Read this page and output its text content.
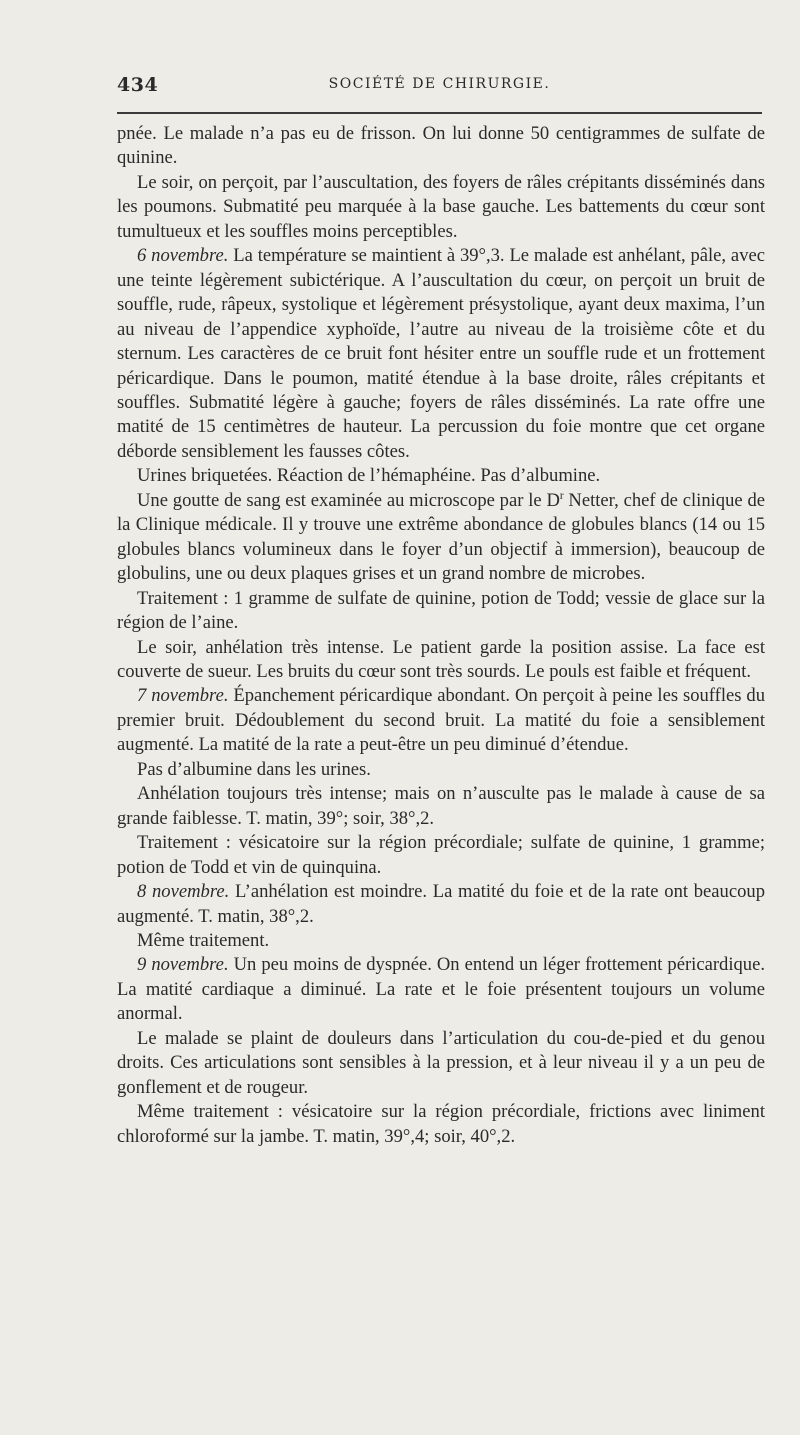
434	SOCIÉTÉ DE CHIRURGIE.

pnée. Le malade n’a pas eu de frisson. On lui donne 50 centigrammes de sulfate de quinine.

Le soir, on perçoit, par l’auscultation, des foyers de râles crépitants disséminés dans les poumons. Submatité peu marquée à la base gauche. Les battements du cœur sont tumultueux et les souffles moins perceptibles.

6 novembre. La température se maintient à 39°,3. Le malade est anhélant, pâle, avec une teinte légèrement subictérique. A l’auscultation du cœur, on perçoit un bruit de souffle, rude, râpeux, systolique et légèrement présystolique, ayant deux maxima, l’un au niveau de l’appendice xyphoïde, l’autre au niveau de la troisième côte et du sternum. Les caractères de ce bruit font hésiter entre un souffle rude et un frottement péricardique. Dans le poumon, matité étendue à la base droite, râles crépitants et souffles. Submatité légère à gauche; foyers de râles disséminés. La rate offre une matité de 15 centimètres de hauteur. La percussion du foie montre que cet organe déborde sensiblement les fausses côtes.

Urines briquetées. Réaction de l’hémaphéine. Pas d’albumine.

Une goutte de sang est examinée au microscope par le $D^r$ Netter, chef de clinique de la Clinique médicale. Il y trouve une extrême abondance de globules blancs (14 ou 15 globules blancs volumineux dans le foyer d’un objectif à immersion), beaucoup de globulins, une ou deux plaques grises et un grand nombre de microbes.

Traitement : 1 gramme de sulfate de quinine, potion de Todd; vessie de glace sur la région de l’aine.

Le soir, anhélation très intense. Le patient garde la position assise. La face est couverte de sueur. Les bruits du cœur sont très sourds. Le pouls est faible et fréquent.

7 novembre. Épanchement péricardique abondant. On perçoit à peine les souffles du premier bruit. Dédoublement du second bruit. La matité du foie a sensiblement augmenté. La matité de la rate a peut-être un peu diminué d’étendue.

Pas d’albumine dans les urines.

Anhélation toujours très intense; mais on n’ausculte pas le malade à cause de sa grande faiblesse. T. matin, 39°; soir, 38°,2.

Traitement : vésicatoire sur la région précordiale; sulfate de quinine, 1 gramme; potion de Todd et vin de quinquina.

8 novembre. L’anhélation est moindre. La matité du foie et de la rate ont beaucoup augmenté. T. matin, 38°,2.

Même traitement.

9 novembre. Un peu moins de dyspnée. On entend un léger frottement péricardique. La matité cardiaque a diminué. La rate et le foie présentent toujours un volume anormal.

Le malade se plaint de douleurs dans l’articulation du cou-de-pied et du genou droits. Ces articulations sont sensibles à la pression, et à leur niveau il y a un peu de gonflement et de rougeur.

Même traitement : vésicatoire sur la région précordiale, frictions avec liniment chloroformé sur la jambe. T. matin, 39°,4; soir, 40°,2.
